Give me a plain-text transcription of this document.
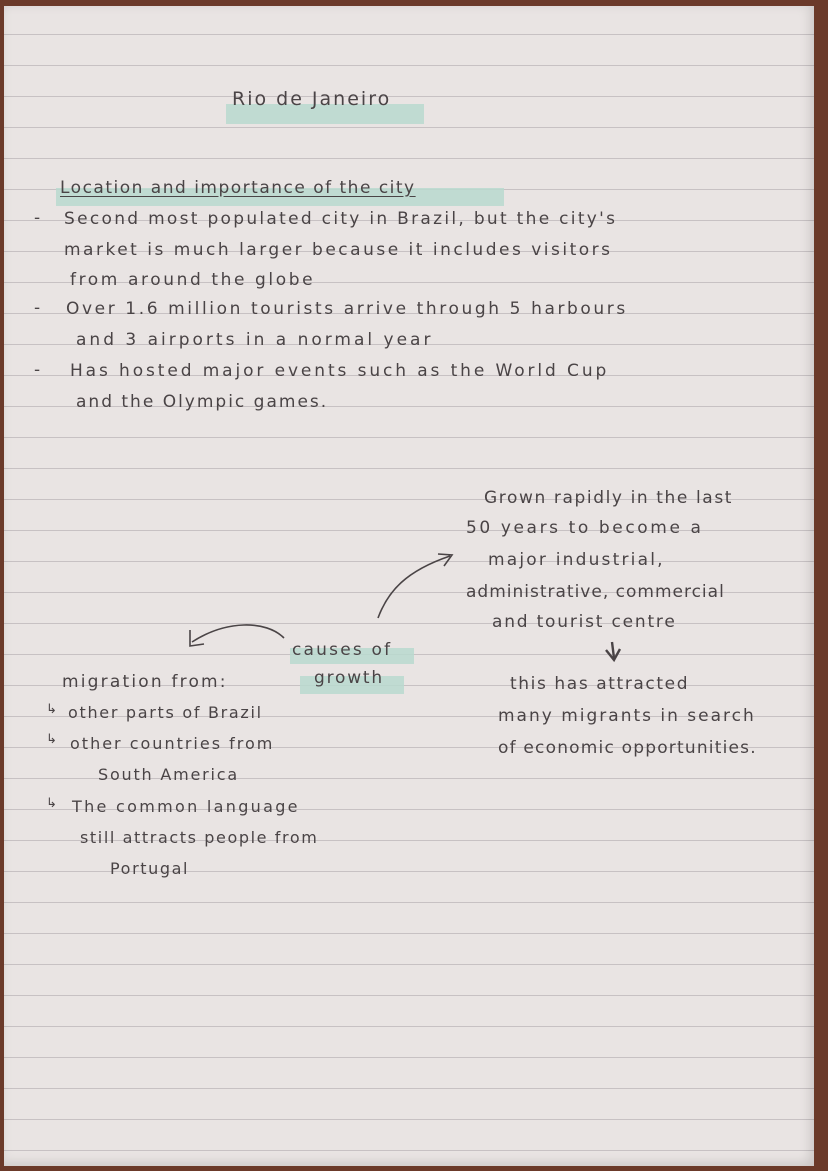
Rio de Janeiro
Location and importance of the city
- Second most populated city in Brazil, but the city's
market is much larger because it includes visitors
from around the globe
- Over 1.6 million tourists arrive through 5 harbours
and 3 airports in a normal year
- Has hosted major events such as the World Cup
and the Olympic games.
Grown rapidly in the last
50 years to become a
major industrial,
administrative, commercial
and tourist centre
causes of
growth	this has attracted
many migrants in search
of economic opportunities.
migration from:
↳ other parts of Brazil
↳ other countries from
South America
↳ The common language
still attracts people from
Portugal
